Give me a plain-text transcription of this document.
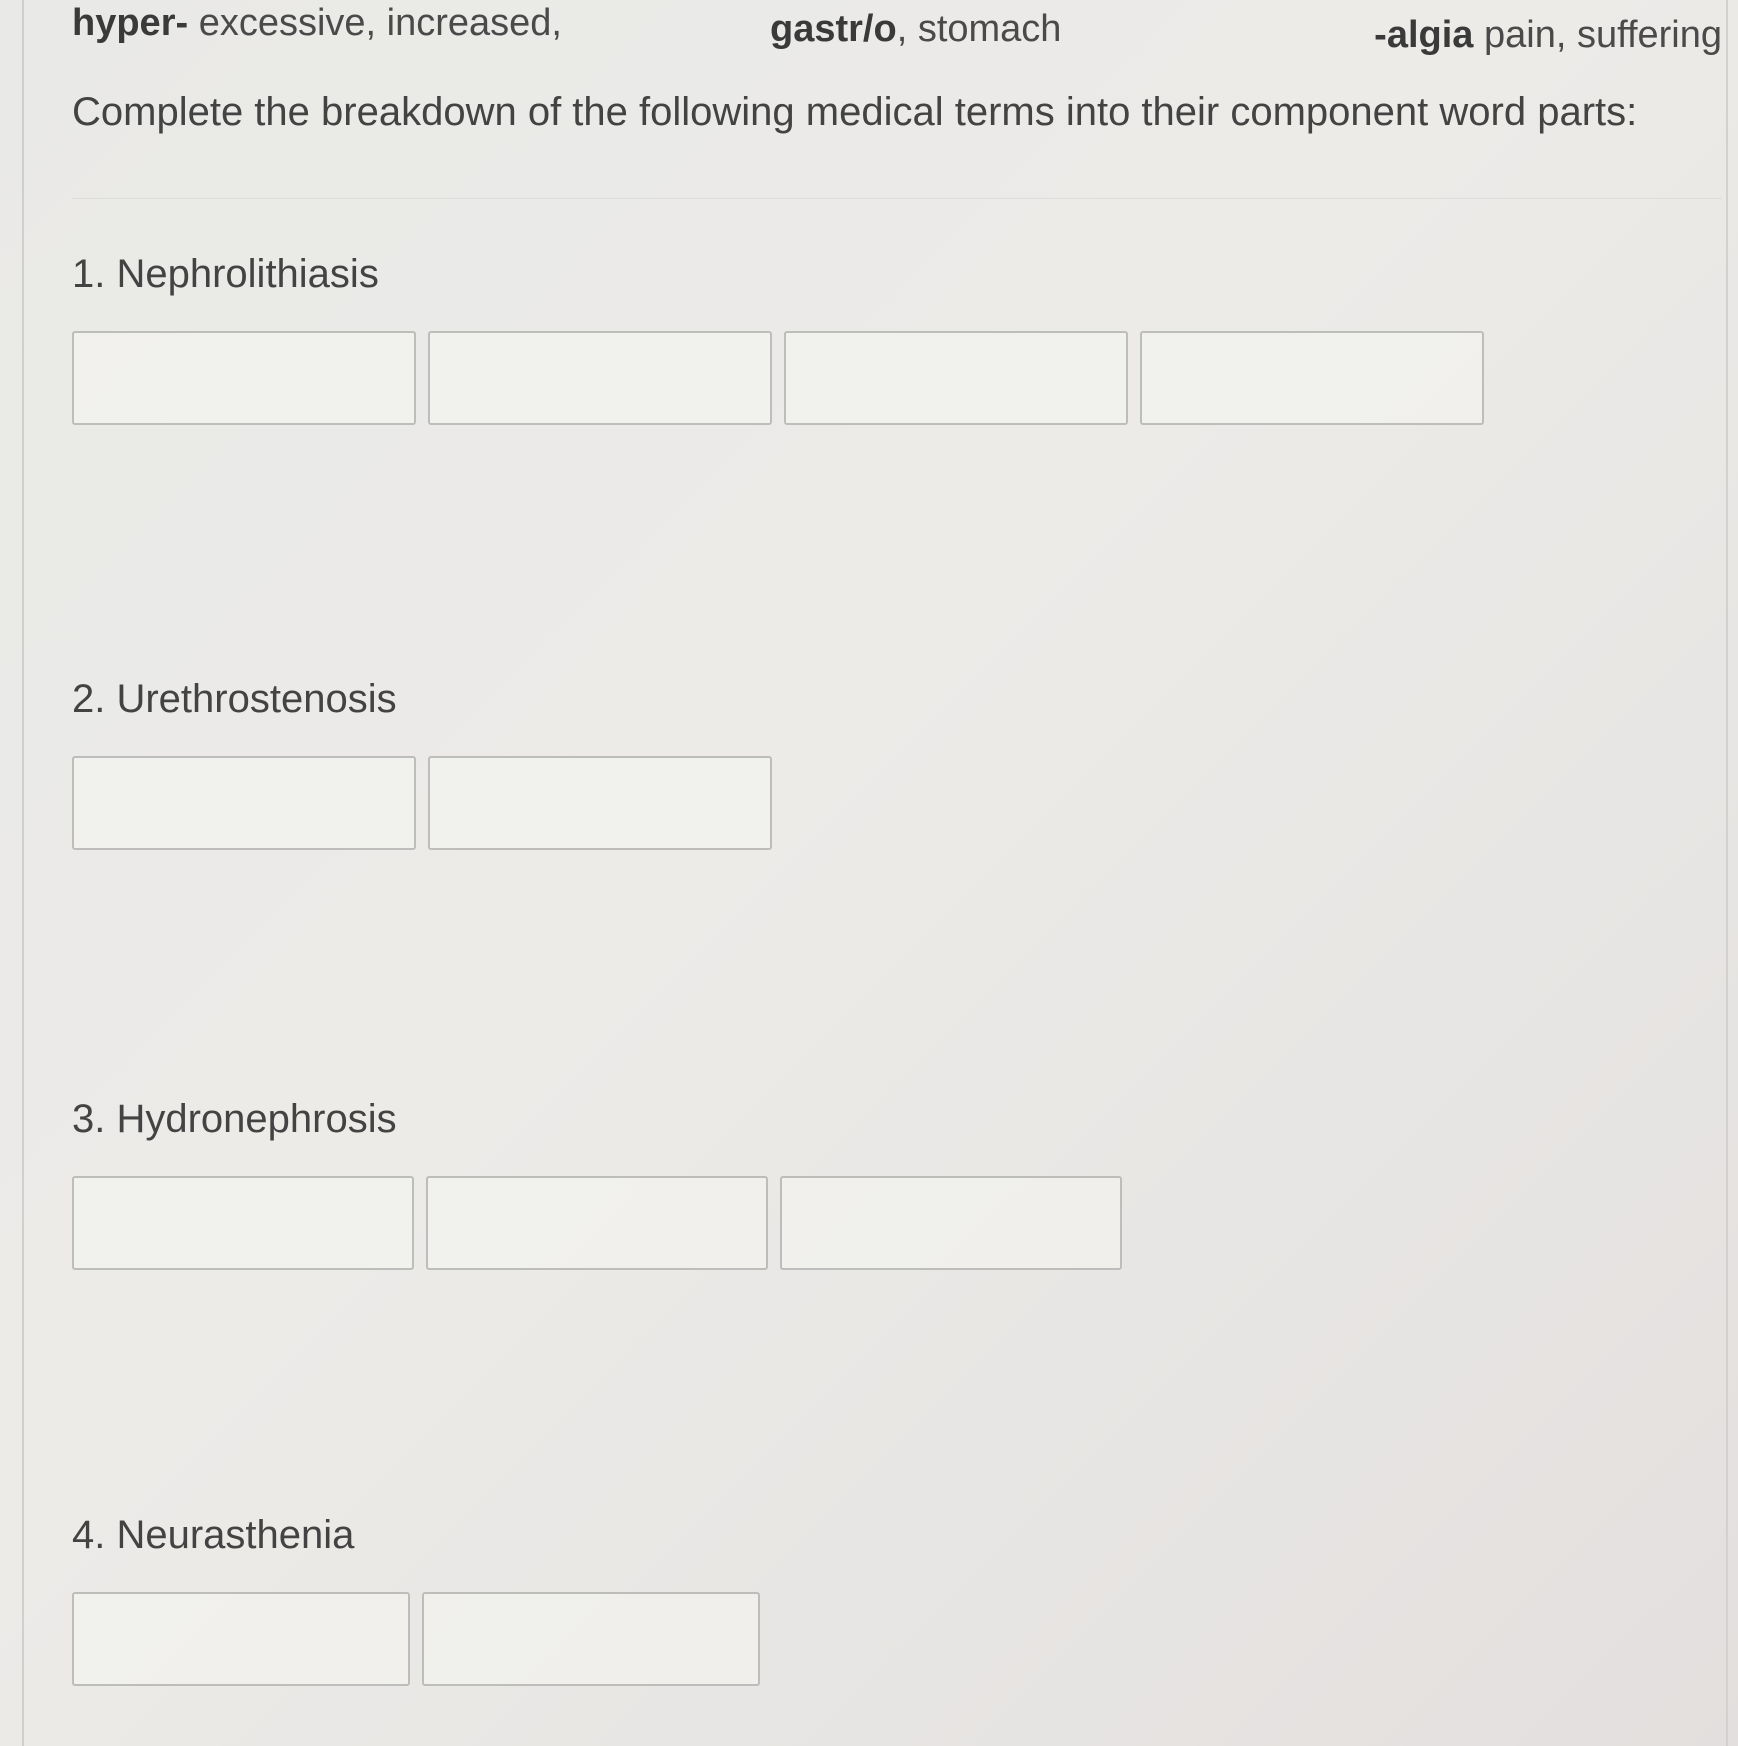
hyper- excessive, increased,	gastr/o, stomach	-algia pain, suffering
Complete the breakdown of the following medical terms into their component word parts:
1. Nephrolithiasis
2. Urethrostenosis
3. Hydronephrosis
4. Neurasthenia
